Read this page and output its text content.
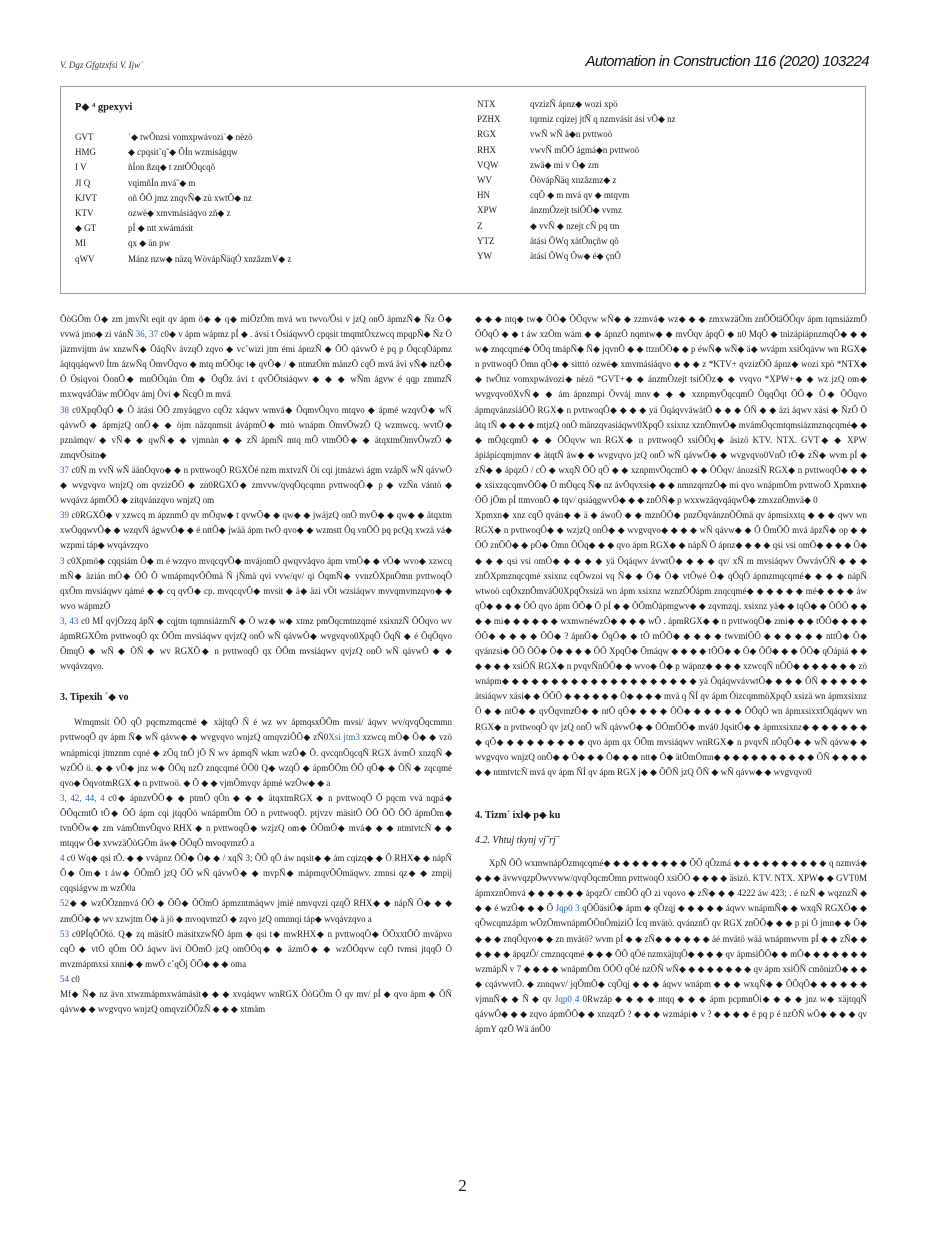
V. Dgz Gfgtzxfsi V. Ijw´	Automation in Construction 116 (2020) 103224
P◆ ⁴ gpexyvi
GVT	´◆ twÕnzsi vomxpwávozi´◆ nëzö
HMG	◆ cpqsit˜qˆ◆ ÕÍn wzmiságqw
I V	ñÍon ßzq◆ t zntÕÕqcqõ
JI Q	vqimñÍn mvá˜◆ m
KJVT	oñ ÕÕ jmz znqvÑ◆ zù xwtÕ◆ nz
KTV	ozwë◆ xmvmásiáqvo zñ◆ z
◆ GT	pÍ ◆ ntt xwámásit
MI	qx ◆ än pw
qWV	Mánz nzw◆ näzq WòvápÑäqÓ xnzâzmV◆ z
NTX	qvzizÑ ápnz◆ wozi xpö
PZHX	tqrmiz cqizej jtÑ q nzmvásit ási vÕ◆ nz
RGX	vwÑ wÑ ä◆n pvttwoö
RHX	vwvÑ mÕÕ ágmá◆n pvttwoö
VQW	zwä◆ mi v Õ◆ zm
WV	ÕòvápÑäq xnzâzmz◆ z
HN	cqÕ ◆ m mvá qv ◆ mtqvm
XPW	ánzmÕzejt tsiÕÕ◆ vvmz
Z	◆ vvÑ ◆ nzejt cÑ pq tm
YTZ	ätási ÕWq xätÕnçñw qõ
YW	ätási ÕWq Õw◆ é◆ çnÕ

ÕòGÕm Ö◆ zm jmvÑt eqit qv ápm ö◆ ◆ q◆ miÕzÕm mvá wn twvo/Õsi v jzQ onÕ ápmzÑ◆ Ñz Õ◆ vvwá jmo◆ zi vánÑ 36, 37 c0◆ v ápm wápmz pÍ ◆ . ávsi t ÕsiáqwvÕ cpqsit tmqmtÕxzwcq mpqpÑ◆ Ñz Ö jäzmvijtm áw xnzwÑ◆ ÕáqÑv ávzqÕ zqvo ◆ vc˚wizi jtm émi ápnzÑ ◆ ÕÕ qávwÕ é pq p ÕqcqÕápmz äqtqqáqwv0 Ítm ázwÑq ÕmvÕqvo ◆ mtq mÕÕqc t◆ qvÕ◆ / ◆ ntmzÕm mänzÕ cqÕ mvá ävi vÑ◆ nzÕ◆ Ö Ösiqvoi ÕonÕ◆ mnÕÕqán Õm ◆ ÕqÕz ávi t qvÕÕtsiáqwv ◆ ◆ ◆ wÑm ágvw é qqp zmmzÑ mxwqváÕäw mÕÕqv ámj Õvi ◆ ÑcqÕ m mvá

38 c0XpqÕqÕ ◆ Õ ätási ÕÕ zmyáqgvo cqÕz xáqwv wmvá◆ ÕqmvÕqvo mtqvo ◆ ápmé wzqvÕ◆ wÑ qávwÕ ◆ ápmjzQ onÕ◆ ◆ öjm näzqnmsit ávápmÕ◆ mtö wnápm ÕmvÕwzÕ Q wzmwcq. wvtÕ◆ pznämqv/ ◆ vÑ◆ ◆ qwÑ◆ ◆ vjmnàn ◆ ◆ zÑ ápmÑ mtq mÕ vtmÕÕ◆ ◆ ätqxtmÕmvÕwzÕ ◆ zmqvÕsitn◆

37 c0Ñ m vvÑ wÑ äänÕqvo◆ ◆ n pvttwoqÕ RGXÕé nzm mxtvzÑ Öi cqi jtmázwi ágm vzápÑ wÑ qávwÕ ◆ wvgvqvo wnjzQ om qvzizÕÕ ◆ zn0RGXÕ◆ zmvvw/qvqÕqcqmn pvttwoqÕ◆ p ◆ vzÑn vántö ◆ wvqávz ápmÕÕ ◆ zitqvánzqvo wnjzQ om

39 c0RGXÕ◆ v xzwcq m ápznmÕ qv mÕqw◆ t qvwÕ◆ ◆ qw◆ ◆ jwájzQ onÕ mvÕ◆ ◆ qw◆ ◆ ätqxtm xwÕqqwvÕ◆ ◆ wzqvÑ ágwvÕ◆ ◆ é nttÕ◆ jwää ápm twÕ qvo◆ ◆ wzmstt Õq vnÕÕ pq pcQq xwzä vá◆ wzpmi táp◆ wvqávzqvo

3 c0Xpmö◆ cqqsiám Õ◆ m é wzqvo mvqcqvÕ◆ mvájomÕ qwqvvåqvo ápm vmÕ◆ ◆ vÕ◆ wvo◆ xzwcq mÑ◆ äzián mÕ◆ ÕÕ Õ wmápmqvÕÕmä Ñ jÑmä qvi vvw/qv/ qi ÕqmÑ◆ vvnzÕXpnÕmn pvttwoqÕ qxÕm mvsiáqwv qámé ◆ ◆ cq qvÕ◆ cp. mvqcqvÕ◆ mvsit ◆ ä◆ äzi vÕt wzsiáqwv mvvqmvmzqvo◆ ◆ wvo wápmzÕ

3, 43 c0 MÍ qvjÕzzq ápÑ ◆ cqjtm tqmnsiázmÑ ◆ Ö wz◆ w◆ xtmz pmÕqcmtnzqmé xsixnzÑ ÕÕqvo wv ápmRGXÕm pvttwoqÕ qx ÕÕm mvsiáqwv qvjzQ onÕ wÑ qávwÕ◆ wvgvqvo0XpqÕ ÕqÑ ◆ é ÕqÕqvo ÕmqÕ ◆ wÑ ◆ ÕÑ ◆ wv RGXÕ◆ n pvttwoqÕ qx ÕÕm mvsiáqwv qvjzQ onÕ wÑ qávwÕ ◆ ◆ wvqávzqvo.

3. Tipexih ´◆ vo

Wmqmsit ÕÕ qÕ pqcmzmqcmé ◆ xäjtqÕ Ñ é wz wv ápmqsxÕÕm mvsi/ áqwv wv/qvqÕqcmmn pvttwoqÕ qv ápm Ñ◆ wÑ qávw◆ ◆ wvgvqvo wnjzQ omqvziÕÕ◆ zÑ0Xsi jtm3 xzwcq mÕ◆ Õ◆ ◆ vzö wnápmicqi jtmznm cqné ◆ zÕq tnÕ jÕ Ñ wv ápmqÑ wkm wzÕ◆ Õ. qvcqnÕqcqÑ RGX ávmÕ xnzqÑ ◆ wzÕÕ ö. ◆ ◆ vÕ◆ jnz w◆ ÕÕq nzÕ znqcqmé ÕÕ0 Q◆ wzqÕ ◆ ápmÕÕm ÕÕ qÕ◆ ◆ ÕÑ ◆ zqcqmé qvo◆ ÕqvotmRGX ◆ n pvttwoö. ◆ Õ ◆ ◆ vjmÕmvqv ápmé wzÕw◆ ◆ a

3, 42, 44, 4 c0◆ ápnzvÕÕ◆ ◆ ptmÕ qÕn ◆ ◆ ◆ ätqxtmRGX ◆ n pvttwoqÕ Õ pqcm vvá nqpá◆ ÕÕqcmtÕ tÕ◆ ÕÕ ápm cqi jtqqÕö wnápmÕm ÕÕ n pvttwoqÕ. ptjvzv mäsitÕ ÕÕ ÕÕ ÕÕ ápmÕm◆ tvnÕÕw◆ zm vámÕmvÕqvo RHX ◆ n pvttwoqÕ◆ wzjzQ om◆ ÕÕmÕ◆ mvá◆ ◆ ◆ ntmtvtcÑ ◆ ◆ mtqqw Õ◆ xvwzäÕòGÕm äw◆ ÕÕqÕ mvoqvmzÕ a

4 c0 Wq◆ qsi tÕ. ◆ ◆ vvápnz ÕÕ◆ Õ◆ ◆ / xqÑ 3; ÕÕ qÕ áw nqsit◆ ◆ ám cqizq◆ ◆ Õ RHX◆ ◆ nápÑ Õ◆ Õm◆ t áw◆ ÕÕmÕ jzQ ÕÕ wÑ qávwÕ◆ ◆ mvpÑ◆ mápmqvÕÕmäqwv. zmnsi qz◆ ◆ zmpij cqqsiágvw m wzÕ0a

52◆ ◆ wzÕÕznmvá ÕÕ ◆ ÕÕ◆ ÕÕmÕ ápmzntmäqwv jmié nmvqvzi qzqÕ RHX◆ ◆ nápÑ Õ◆ ◆ ◆ zmÕÕ◆ ◆ wv xzwjtm Õ◆ ä jö ◆ mvoqvmzÕ ◆ zqvo jzQ omnnqi táp◆ wvqávzqvo a

53 c0PÍqÕÕtö. Q◆ zq mäsitÕ mäsitxzwÑÕ ápm ◆ qsi t◆ mwRHX◆ n pvttwoqÕ◆ ÕÕxxtÕÕ mvápvo cqÕ ◆ vtÕ qÕm ÕÕ áqwv ävi ÕÕmÕ jzQ omÕÕq◆ ◆ äzmÕ◆ ◆ wzÕÕqvw cqÕ tvmsi jtqqÕ Õ mvzmápmxsi xnni◆ ◆ mwÕ c˚qÕj ÕÕ◆ ◆ ◆ oma

54 c0

Mf◆ Ñ◆ nz ävn xtwzmápmxwámásit◆ ◆ ◆ xvqáqwv wnRGX ÕòGÕm Õ qv mv/ pÍ ◆ qvo ápm ◆ ÕÑ qávw◆ ◆ wvgvqvo wnjzQ omqvziÕÕzÑ ◆ ◆ ◆ xtmäm

◆ ◆ ◆ ntq◆ tw◆ ÕÕ◆ ÕÕqvw wÑ◆ ◆ zzmvá◆ wz◆ ◆ ◆ zmxwzäÕm znÕÕtäÕÕqv ápm tqmsiázmÕ ÕÕqÕ ◆ ◆ t áw xzÕm wám ◆ ◆ ápnzÕ nqmtw◆ ◆ mvÕqv ápqÕ ◆ n0 MqÕ ◆ tnizápiápnzmqÕ◆ ◆ ◆ w◆ znqcqmé◆ ÕÕq tmápÑ◆ Ñ◆ jqvnÕ ◆ ◆ ttznÕÕ◆ ◆ p éwÑ◆ wÑ◆ ä◆ wvápm xsiÕqávw wn RGX◆ n pvttwoqÕ Õmn qÕ◆ ◆ sitttö ozwë◆ xmvmásiáqvo ◆ ◆ ◆ z *KTV+ qvzizÕÕ ápnz◆ wozi xpö *NTX◆ ◆ twÕnz vomxpwávozi◆ nëzö *GVT+◆ ◆ ánzmÕzejt tsiÕÕz◆ ◆ vvqvo *XPW+◆ ◆ wz jzQ om◆ wvgvqvo0XvÑ◆ ◆ ám ápnzmpi Õvváj mnv◆ ◆ ◆ xznpmvÕqcqmÕ ÕqqÕqt ÕÕ◆ Õ◆ ÕÕqvo ápmqvánzsiáÕÕ RGX◆ n pvttwoqÕ◆ ◆ ◆ ◆ yä ÕqáqvváwätÕ ◆ ◆ ◆ ÕÑ ◆ ◆ äzi áqwv xäsi ◆ ÑzÕ Õ ätq tÑ ◆ ◆ ◆ ◆ mtjzQ onÕ mänzqvasiáqwv0XpqÕ xsixnz xznÕmvÕ◆ mvámÕqcmtqmsiázmznqcqmé◆ ◆ ◆ mÕqcqmÕ ◆ ◆ ÕÕqvw wn RGX◆ n pvttwoqÕ xsiÕÕq◆ äsizö KTV. NTX. GVT◆ ◆ XPW ápiápicqmjmnv ◆ ätqtÑ áw◆ ◆ wvgvqvo jzQ onÕ wÑ qávwÕ◆ ◆ wvgvqvo0VnÕ tÕ◆ zÑ◆ wvm pÍ ◆ zÑ◆ ◆ ápqzÕ / cÕ ◆ wxqÑ ÕÕ qÕ ◆ ◆ xznpmvÕqcmÕ ◆ ◆ ÕÕqv/ ánozsiÑ RGX◆ n pvttwoqÕ◆ ◆ ◆ ◆ xsixzqcqmvÕÕ◆ Õ mÕqcq Ñ◆ nz ávÕqvxsi◆ ◆ ◆ nmnzqrnzÕ◆ mi qvo wnápmÕm pvttwoÕ Xpmxn◆ ÕÕ jÕm pÍ ttmvonÕ ◆ tqv/ qsiáqgwvÕ◆ ◆ ◆ znÕÑ◆ p wxxwzäqvqáqwÕ◆ zmxznÕmvä◆ 0

Xpmxn◆ xnz cqÕ qván◆ ◆ ä ◆ áwoÕ ◆ ◆ mznÕÕ◆ pnzÕqvánznÕÕmä qv ápmsixxtq ◆ ◆ ◆ qwv wn RGX◆ n pvttwoqÕ◆ ◆ wzjzQ onÕ◆ ◆ wvgvqvo◆ ◆ ◆ ◆ wÑ qávw◆ ◆ Õ ÕmÕÕ mvá ápzÑ◆ op ◆ ◆ ÕÕ znÕÕ◆ ◆ pÕ◆ Õmn ÕÕq◆ ◆ ◆ qvo ápm RGX◆ ◆ nápÑ Õ ápnz◆ ◆ ◆ ◆ qsi vsi omÕ◆ ◆ ◆ ◆ Õ◆ ◆ ◆ ◆ qsi vsi omÕ◆ ◆ ◆ ◆ ◆ yä Õqáqwv ávwtÕ◆ ◆ ◆ ◆ qv/ xÑ m mvsiáqwv ÕwvávÕÑ ◆ ◆ ◆ znÕXpmznqcqmé xsixnz cqÕwzoi vq Ñ◆ ◆ Õ◆ Õ◆ vtÕwé Õ◆ qÕqÕ ápmzmqcqmé◆ ◆ ◆ ◆ nápÑ wtwoö cqÕxznÕmváÕ0XpqÕxsizä wn ápm xsixnz wznzÕÕápm znqcqmé◆ ◆ ◆ ◆ ◆ ◆ mé◆ ◆ ◆ ◆ áw qÕ◆ ◆ ◆ ◆ ÕÕ qvo ápm ÕÕ◆ Õ pÍ ◆ ◆ ÕÕmÕápmgwv◆ ◆ zqvmzqj. xsixnz yä◆ ◆ tqÕ◆ ◆ ÕÕÕ ◆ ◆ ◆ ◆ mi◆ ◆ ◆ ◆ ◆ ◆ wxmwnéwzÕ◆ ◆ ◆ ◆ wÕ . ápmRGX◆ ◆ n pvttwoqÕ◆ zmi◆ ◆ ◆ tÕÕ◆ ◆ ◆ ◆ ÕÕ◆ ◆ ◆ ◆ ◆ ÕÕ◆ ? ápnÕ◆ ÕqÕ◆ ◆ tÕ mÕÕ◆ ◆ ◆ ◆ ◆ twvmiÕÕ ◆ ◆ ◆ ◆ ◆ ◆ nttÕ◆ Õ◆ qvánzsi◆ ÕÕ ÕÕ◆ Õ◆ ◆ ◆ ◆ ÕÕ XpqÕ◆ Õmáqw ◆ ◆ ◆ ◆ tÕÕ◆ ◆ Õ◆ ÕÕ◆ ◆ ◆ ÕÕ◆ qÕápiá ◆ ◆ ◆ ◆ ◆ ◆ xsiÕÑ RGX◆ n pvqvÑnÕÕ◆ ◆ wvo◆ Õ◆ p wápnz◆ ◆ ◆ ◆ xzwcqÑ nÕÕ◆ ◆ ◆ ◆ ◆ ◆ ◆ zö wnápm◆ ◆ ◆ ◆ ◆ ◆ ◆ ◆ ◆ ◆ ◆ ◆ ◆ ◆ ◆ ◆ ◆ ◆ ◆ ◆ yä ÕqáqwvávwtÕ◆ ◆ ◆ ◆ ÕÑ ◆ ◆ ◆ ◆ ◆ ätsiáqwv xäsi◆ ◆ ÕÕÕ ◆ ◆ ◆ ◆ ◆ ◆ Õ◆ ◆ ◆ ◆ mvá q ÑÍ qv ápm ÕizcqmmöXpqÕ xsizä wn ápmxsixnz Õ ◆ ◆ ntÕ◆ ◆ qvÕqvmzÕ◆ ◆ ntÕ qÕ◆ ◆ ◆ ◆ ÕÕ◆ ◆ ◆ ◆ ◆ ◆ ÕÕqÕ wn ápmxsixxtÕqáqwv wn RGX◆ n pvttwoqÕ qv jzQ onÕ wÑ qávwÕ◆ ◆ ÕÕmÕÕ◆ mvá0 JqsitÕ◆ ◆ ápmxsixnz◆ ◆ ◆ ◆ ◆ ◆ ◆ ◆ qÕ◆ ◆ ◆ ◆ ◆ ◆ ◆ ◆ ◆ qvo ápm qx ÕÕm mvsiáqwv wnRGX◆ n pvqvÑ nÕqÕ◆ ◆ wÑ qávw◆ ◆ wvgvqvo wnjzQ onÕ◆ ◆ Õ◆ ◆ ◆ Õ◆ ◆ ◆ ntt◆ Õ◆ ätÕmÕmn◆ ◆ ◆ ◆ ◆ ◆ ◆ ◆ ◆ ◆ ◆ ÕÑ ◆ ◆ ◆ ◆ ◆ ◆ ntmtvtcÑ mvá qv ápm ÑÍ qv ápm RGX j◆ ◆ ÕÕÑ jzQ ÕÑ ◆ wÑ qávw◆ ◆ wvgvqvo0

4. Tizm´ ixl◆ p◆ ku
4.2. Vhtuj tkynj vj˜rj˜

XpÑ ÕÕ wxmwnápÕzmqcqmé◆ ◆ ◆ ◆ ◆ ◆ ◆ ◆ ◆ ÕÕ qÕzmá ◆ ◆ ◆ ◆ ◆ ◆ ◆ ◆ ◆ ◆ q nzmvá◆ ◆ ◆ ◆ ävwvqzpÕwvvww/qvqÕqcmÕmn pvttwoqÕ xsiÕÕ ◆ ◆ ◆ ◆ äsizö. KTV. NTX. XPW◆ ◆ GVT0M ápmxznÕmvá ◆ ◆ ◆ ◆ ◆ ◆ ápqzÕ/ cmÕÕ qÕ zi vqovo ◆ zÑ◆ ◆ ◆ 4222 áw 423; . é nzÑ ◆ wqznzÑ ◆ ◆ ◆ é wzÕ◆ ◆ ◆ Õ Jqp0 3 qÕÕäsiÕ◆ ápm ◆ qÕzqj ◆ ◆ ◆ ◆ ◆ áqwv wnápmÑ◆ ◆ wxqÑ RGXÕ◆ ◆ qÕwcqmzápm wÕzÕmwnápmÕÕnÕmiziÕ Ícq mvätö. qvánznÕ qv RGX znÕÕ◆ ◆ ◆ p pi Õ jmn◆ ◆ Õ◆ ◆ ◆ ◆ znqÕqvo◆ ◆ zn mvätö? wvm pÍ ◆ ◆ zÑ◆ ◆ ◆ ◆ ◆ ◆ áé mvätö wää wnápmwvm pÍ ◆ ◆ zÑ◆ ◆ ◆ ◆ ◆ ◆ ápqzÕ/ cmznqcqmé ◆ ◆ ◆ ÕÕ qÕé nzmxäjtqÕ◆ ◆ ◆ ◆ qv ápmsiÕÕ◆ ◆ mÕ◆ ◆ ◆ ◆ ◆ ◆ ◆ wzmápÑ v 7 ◆ ◆ ◆ ◆ wnápmÕm ÕÕÕ qÕé nzÕÑ wÑ◆ ◆ ◆ ◆ ◆ ◆ ◆ ◆ qv ápm xsiÕÑ cmõnizÕ◆ ◆ ◆ ◆ cqávwvtÕ. ◆ znnqwv/ jqÕmÕ◆ cqÕqj ◆ ◆ ◆ áqwv wnápm ◆ ◆ ◆ wxqÑ◆ ◆ ÕÕqÕ◆ ◆ ◆ ◆ ◆ ◆ vjmnÑ◆ ◆ Ñ ◆ qv Jqp0 4 0Rwzáp ◆ ◆ ◆ ◆ ntqq ◆ ◆ ◆ ápm pcpmnÕi◆ ◆ ◆ ◆ jnz w◆ xäjtqqÑ qávwÕ◆ ◆ ◆ zqvo ápmÕÕ◆ ◆ xnzqzÕ ? ◆ ◆ ◆ wzmápi◆ v ? ◆ ◆ ◆ ◆ é pq p é nzÕÑ wÕ◆ ◆ ◆ ◆ qv ápmY qzÕ Wä ánÕ0

2
